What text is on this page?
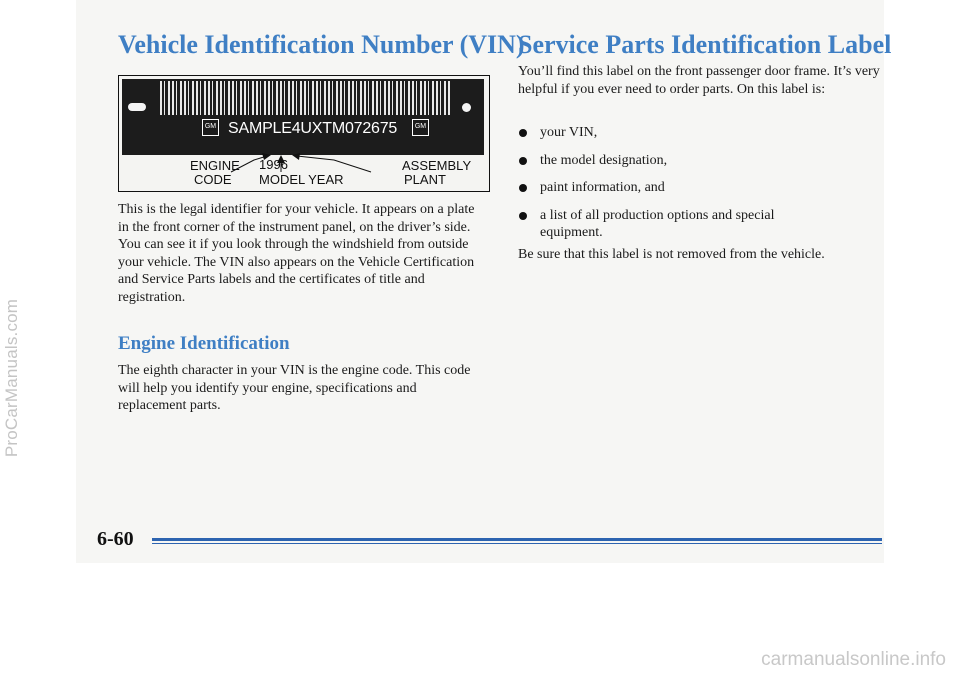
ProCarManuals.com
Vehicle Identification Number (VIN)
GM SAMPLE4UXTM072675	GM
ENGINE
CODE
1996
MODEL YEAR
ASSEMBLY
PLANT

This is the legal identifier for your vehicle. It appears on a plate in the front corner of the instrument panel, on the driver’s side. You can see it if you look through the windshield from outside your vehicle. The VIN also appears on the Vehicle Certification and Service Parts labels and the certificates of title and registration.

Engine Identification

The eighth character in your VIN is the engine code. This code will help you identify your engine, specifications and replacement parts.

Service Parts Identification Label

You’ll find this label on the front passenger door frame. It’s very helpful if you ever need to order parts. On this label is:

your VIN,
the model designation,
paint information, and
a list of all production options and special equipment.

Be sure that this label is not removed from the vehicle.

6-60

carmanualsonline.info
